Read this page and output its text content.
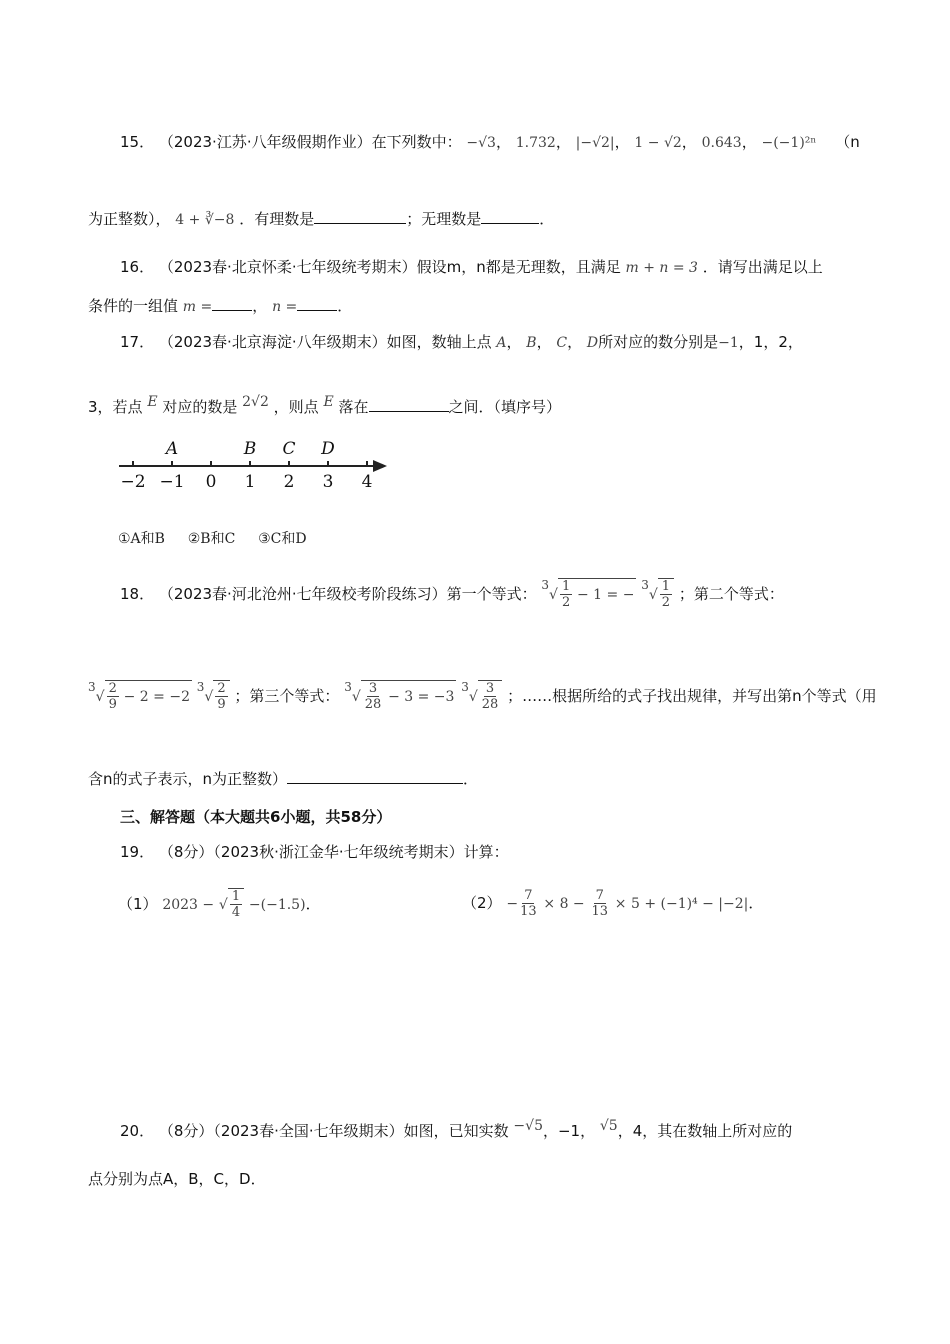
15． （2023·江苏·八年级假期作业）在下列数中： −√3， 1.732， |−√2|， 1 − √2， 0.643， −(−1)²ⁿ （n
为正整数）， 4 + ∛−8 ．有理数是	；无理数是	．
16． （2023春·北京怀柔·七年级统考期末）假设m，n都是无理数，且满足 m + n = 3 ．请写出满足以上
条件的一组值 m =	， n =	．
17． （2023春·北京海淀·八年级期末）如图，数轴上点 A， B， C， D所对应的数分别是−1，1，2，
3，若点 E 对应的数是 2√2 ，则点 E 落在	之间．（填序号）
−2 −1 0 1 2 3 4
A	B C D
①A和B ②B和C ③C和D
18． （2023春·河北沧州·七年级校考阶段练习）第一个等式： $^3√ \frac{1}{2} - 1$ = − $^3√ \frac{1}{2}$ ；第二个等式：
$^3√ \frac{2}{9} - 2 = -2$ $^3√ \frac{2}{9}$ ；第三个等式： $^3√ \frac{3}{28} - 3 = -3$ $^3√ \frac{3}{28}$ ；……根据所给的式子找出规律，并写出第n个等式（用
含n的式子表示，n为正整数）	．
三、解答题（本大题共6小题，共58分）
19． （8分）（2023秋·浙江金华·七年级统考期末）计算：
（1） 2023 − √ $\frac{1}{4} -(-1.5)$．	$(2) - \frac{7}{13} \times 8 - \frac{7}{13} \times 5 + (-1)^4 - |-2|$．
20． （8分）（2023春·全国·七年级期末）如图，已知实数 −√5，−1， √5，4，其在数轴上所对应的
点分别为点A，B，C，D．
